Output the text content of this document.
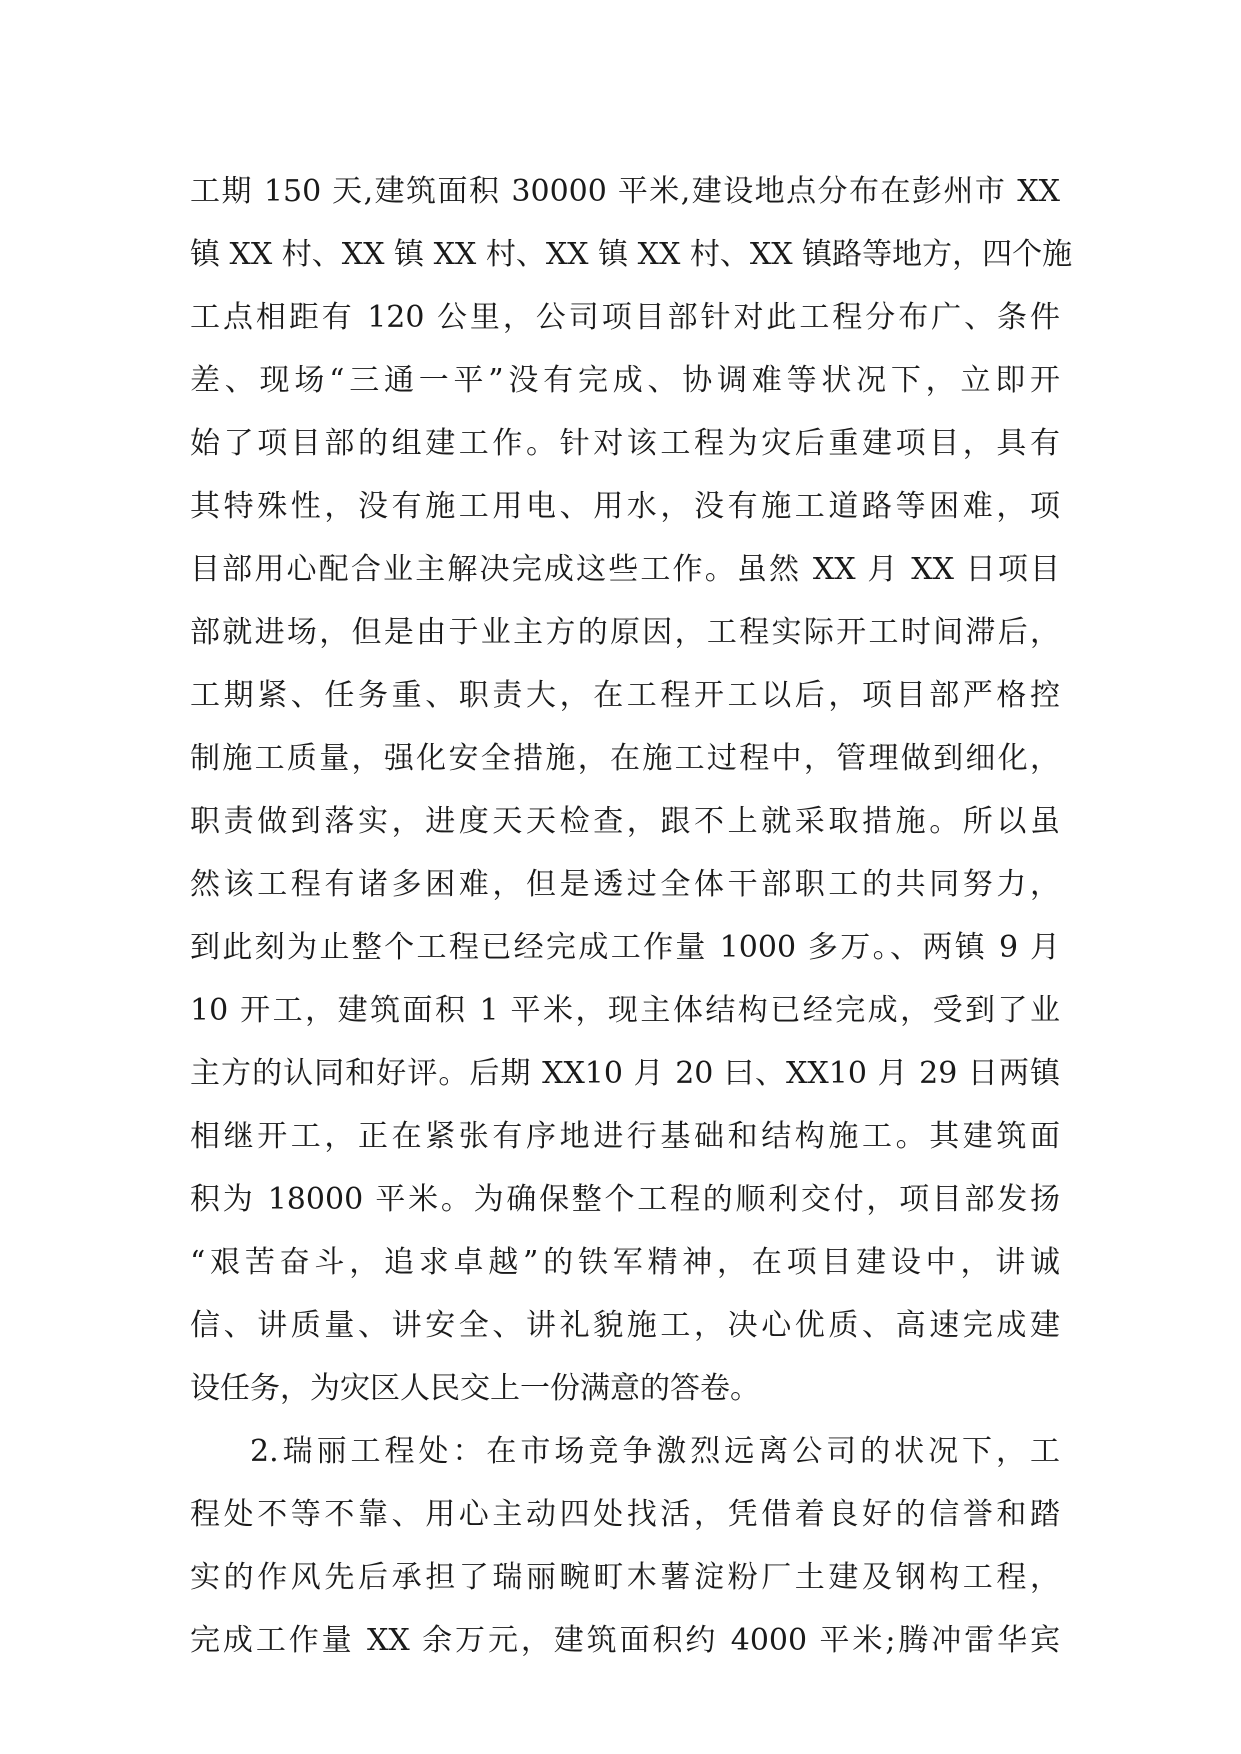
工期 150 天,建筑面积 30000 平米,建设地点分布在彭州市 XX
镇 XX 村、XX 镇 XX 村、XX 镇 XX 村、XX 镇路等地方，四个施
工点相距有 120 公里，公司项目部针对此工程分布广、条件
差、现场“三通一平”没有完成、协调难等状况下，立即开
始了项目部的组建工作。针对该工程为灾后重建项目，具有
其特殊性，没有施工用电、用水，没有施工道路等困难，项
目部用心配合业主解决完成这些工作。虽然 XX 月 XX 日项目
部就进场，但是由于业主方的原因，工程实际开工时间滞后，
工期紧、任务重、职责大，在工程开工以后，项目部严格控
制施工质量，强化安全措施，在施工过程中，管理做到细化，
职责做到落实，进度天天检查，跟不上就采取措施。所以虽
然该工程有诸多困难，但是透过全体干部职工的共同努力，
到此刻为止整个工程已经完成工作量 1000 多万。、两镇 9 月
10 开工，建筑面积 1 平米，现主体结构已经完成，受到了业
主方的认同和好评。后期 XX10 月 20 曰、XX10 月 29 日两镇
相继开工，正在紧张有序地进行基础和结构施工。其建筑面
积为 18000 平米。为确保整个工程的顺利交付，项目部发扬
“艰苦奋斗，追求卓越”的铁军精神，在项目建设中，讲诚
信、讲质量、讲安全、讲礼貌施工，决心优质、高速完成建
设任务，为灾区人民交上一份满意的答卷。
2.瑞丽工程处：在市场竞争激烈远离公司的状况下，工
程处不等不靠、用心主动四处找活，凭借着良好的信誉和踏
实的作风先后承担了瑞丽畹町木薯淀粉厂土建及钢构工程，
完成工作量 XX 余万元，建筑面积约 4000 平米;腾冲雷华宾
